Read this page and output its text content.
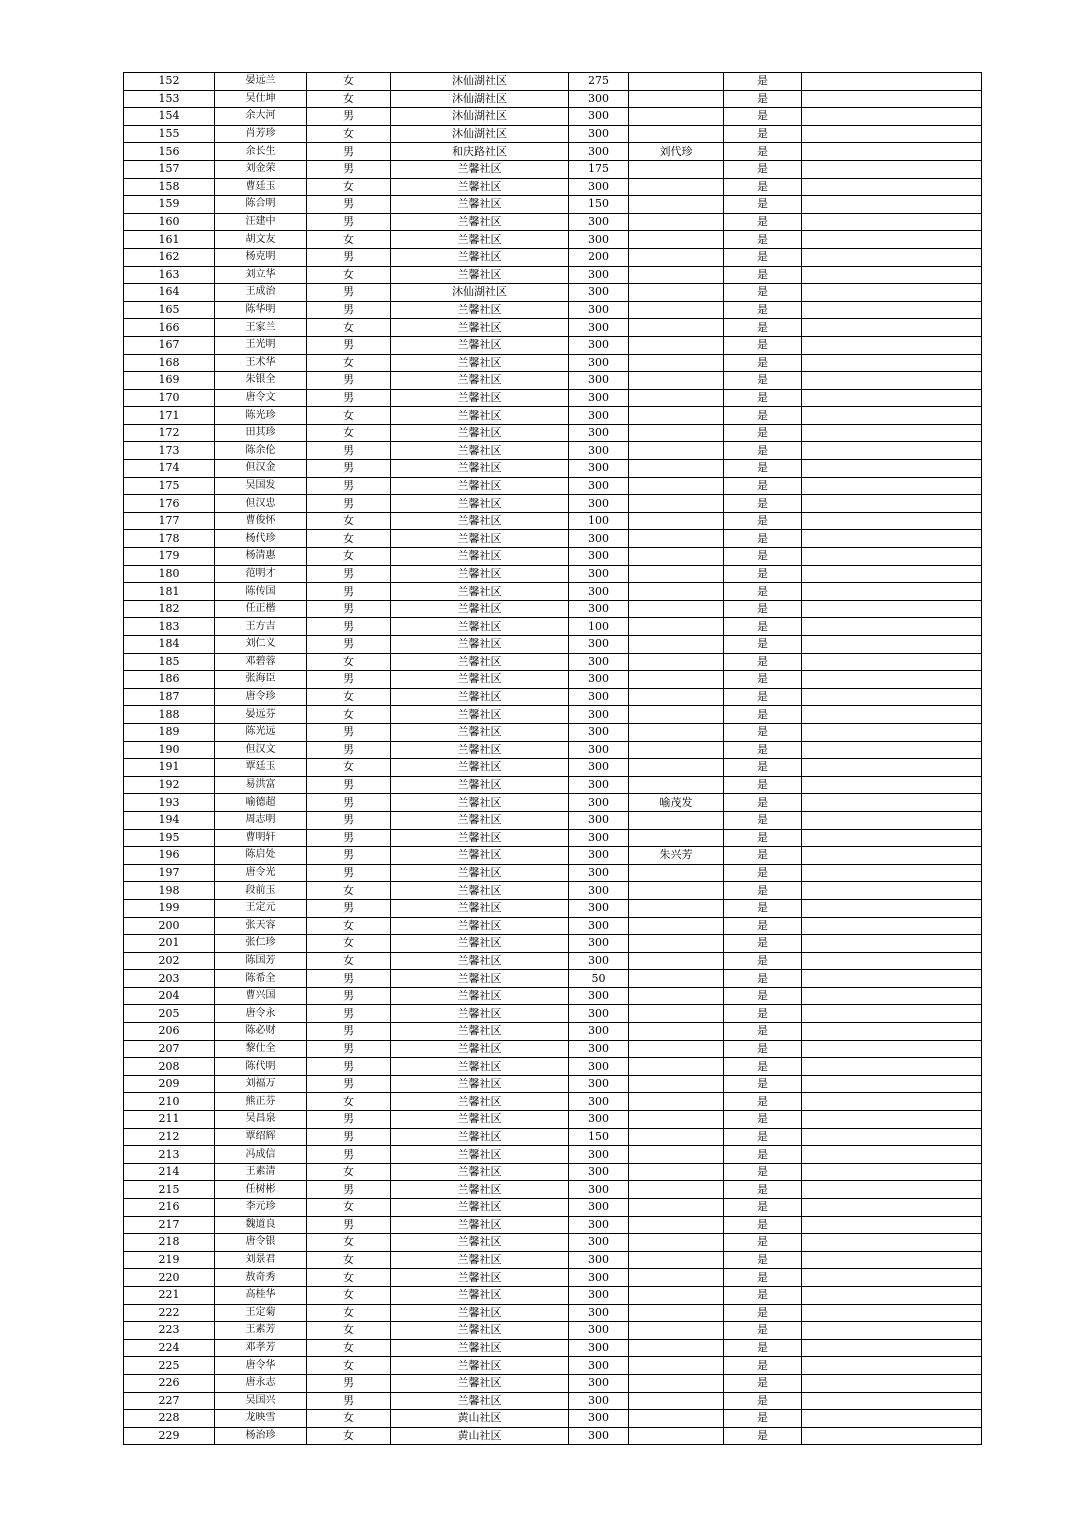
152	晏远兰	女	沐仙湖社区	275		是	
153	吴仕坤	女	沐仙湖社区	300		是	
154	余大河	男	沐仙湖社区	300		是	
155	肖芳珍	女	沐仙湖社区	300		是	
156	余长生	男	和庆路社区	300	刘代珍	是	
157	刘金荣	男	兰馨社区	175		是	
158	曹廷玉	女	兰馨社区	300		是	
159	陈合明	男	兰馨社区	150		是	
160	汪建中	男	兰馨社区	300		是	
161	胡文友	女	兰馨社区	300		是	
162	杨克明	男	兰馨社区	200		是	
163	刘立华	女	兰馨社区	300		是	
164	王成治	男	沐仙湖社区	300		是	
165	陈华明	男	兰馨社区	300		是	
166	王家兰	女	兰馨社区	300		是	
167	王光明	男	兰馨社区	300		是	
168	王术华	女	兰馨社区	300		是	
169	朱银全	男	兰馨社区	300		是	
170	唐令文	男	兰馨社区	300		是	
171	陈光珍	女	兰馨社区	300		是	
172	田其珍	女	兰馨社区	300		是	
173	陈余伦	男	兰馨社区	300		是	
174	但汉金	男	兰馨社区	300		是	
175	吴国发	男	兰馨社区	300		是	
176	但汉忠	男	兰馨社区	300		是	
177	曹俊怀	女	兰馨社区	100		是	
178	杨代珍	女	兰馨社区	300		是	
179	杨清惠	女	兰馨社区	300		是	
180	范明才	男	兰馨社区	300		是	
181	陈传国	男	兰馨社区	300		是	
182	任正楷	男	兰馨社区	300		是	
183	王方吉	男	兰馨社区	100		是	
184	刘仁义	男	兰馨社区	300		是	
185	邓碧蓉	女	兰馨社区	300		是	
186	张海臣	男	兰馨社区	300		是	
187	唐令珍	女	兰馨社区	300		是	
188	晏远芬	女	兰馨社区	300		是	
189	陈光远	男	兰馨社区	300		是	
190	但汉文	男	兰馨社区	300		是	
191	覃廷玉	女	兰馨社区	300		是	
192	易洪富	男	兰馨社区	300		是	
193	喻德超	男	兰馨社区	300	喻茂发	是	
194	周志明	男	兰馨社区	300		是	
195	曹明轩	男	兰馨社区	300		是	
196	陈启处	男	兰馨社区	300	朱兴芳	是	
197	唐令光	男	兰馨社区	300		是	
198	段前玉	女	兰馨社区	300		是	
199	王定元	男	兰馨社区	300		是	
200	张天容	女	兰馨社区	300		是	
201	张仁珍	女	兰馨社区	300		是	
202	陈国芳	女	兰馨社区	300		是	
203	陈希全	男	兰馨社区	50		是	
204	曹兴国	男	兰馨社区	300		是	
205	唐令永	男	兰馨社区	300		是	
206	陈必财	男	兰馨社区	300		是	
207	黎仕全	男	兰馨社区	300		是	
208	陈代明	男	兰馨社区	300		是	
209	刘福万	男	兰馨社区	300		是	
210	熊正芬	女	兰馨社区	300		是	
211	吴昌泉	男	兰馨社区	300		是	
212	覃绍辉	男	兰馨社区	150		是	
213	冯成信	男	兰馨社区	300		是	
214	王素清	女	兰馨社区	300		是	
215	任树彬	男	兰馨社区	300		是	
216	李元珍	女	兰馨社区	300		是	
217	魏道良	男	兰馨社区	300		是	
218	唐令银	女	兰馨社区	300		是	
219	刘景君	女	兰馨社区	300		是	
220	敖奇秀	女	兰馨社区	300		是	
221	高桂华	女	兰馨社区	300		是	
222	王定菊	女	兰馨社区	300		是	
223	王素芳	女	兰馨社区	300		是	
224	邓孝芳	女	兰馨社区	300		是	
225	唐令华	女	兰馨社区	300		是	
226	唐永志	男	兰馨社区	300		是	
227	吴国兴	男	兰馨社区	300		是	
228	龙映雪	女	黄山社区	300		是	
229	杨治珍	女	黄山社区	300		是	
